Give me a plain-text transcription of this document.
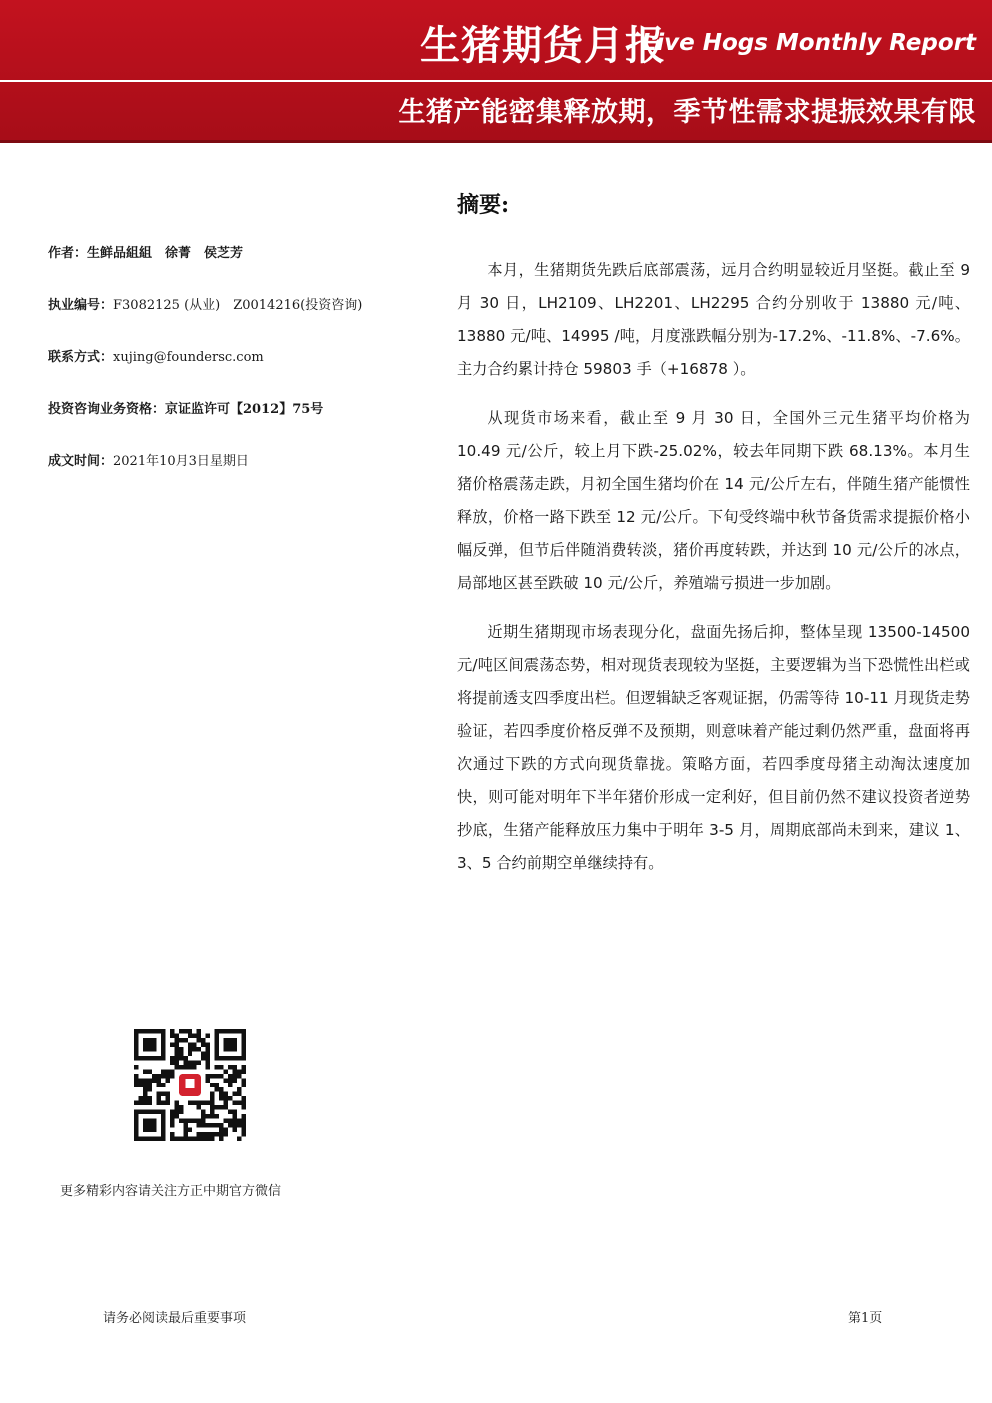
生猪期货月报
Live Hogs Monthly Report
生猪产能密集释放期，季节性需求提振效果有限
作者：生鲜品組組　徐菁　侯芝芳
执业编号：F3082125 (从业)　Z0014216(投资咨询)
联系方式：xujing@foundersc.com
投资咨询业务资格：京证监许可【2012】75号
成文时间：2021年10月3日星期日
摘要:

本月，生猪期货先跌后底部震荡，远月合约明显较近月坚挺。截止至 9 月 30 日，LH2109、LH2201、LH2295 合约分别收于 13880 元/吨、13880 元/吨、14995 /吨，月度涨跌幅分别为-17.2%、-11.8%、-7.6%。主力合约累计持仓 59803 手（+16878 ）。

从现货市场来看，截止至 9 月 30 日，全国外三元生猪平均价格为 10.49 元/公斤，较上月下跌-25.02%，较去年同期下跌 68.13%。本月生猪价格震荡走跌，月初全国生猪均价在 14 元/公斤左右，伴随生猪产能惯性释放，价格一路下跌至 12 元/公斤。下旬受终端中秋节备货需求提振价格小幅反弹，但节后伴随消费转淡，猪价再度转跌，并达到 10 元/公斤的冰点，局部地区甚至跌破 10 元/公斤，养殖端亏损进一步加剧。

近期生猪期现市场表现分化，盘面先扬后抑，整体呈现 13500-14500 元/吨区间震荡态势，相对现货表现较为坚挺，主要逻辑为当下恐慌性出栏或将提前透支四季度出栏。但逻辑缺乏客观证据，仍需等待 10-11 月现货走势验证，若四季度价格反弹不及预期，则意味着产能过剩仍然严重，盘面将再次通过下跌的方式向现货靠拢。策略方面，若四季度母猪主动淘汰速度加快，则可能对明年下半年猪价形成一定利好，但目前仍然不建议投资者逆势抄底，生猪产能释放压力集中于明年 3-5 月，周期底部尚未到来，建议 1、3、5 合约前期空单继续持有。

更多精彩内容请关注方正中期官方微信
请务必阅读最后重要事项	第1页
